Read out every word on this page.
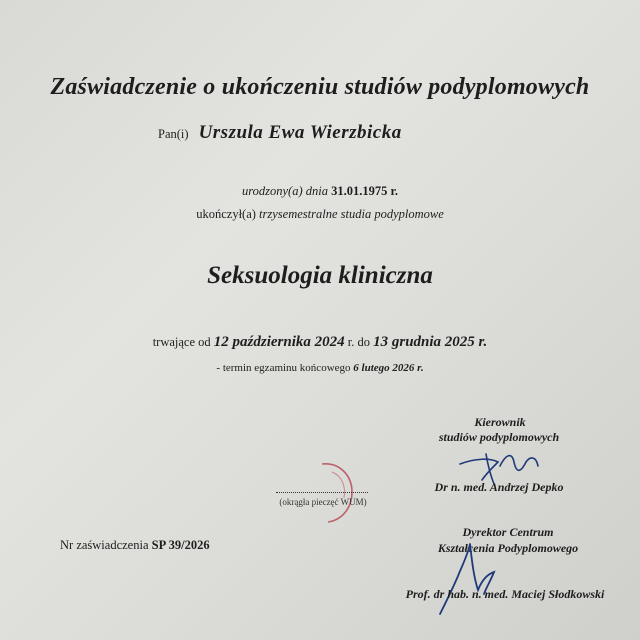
Zaświadczenie o ukończeniu studiów podyplomowych
Pan(i) Urszula Ewa Wierzbicka
urodzony(a) dnia 31.01.1975 r.
ukończył(a) trzysemestralne studia podyplomowe
Seksuologia kliniczna
trwające od 12 października 2024 r. do 13 grudnia 2025 r.
- termin egzaminu końcowego 6 lutego 2026 r.
Kierownik
studiów podyplomowych
Dr n. med. Andrzej Depko
(okrągła pieczęć WUM)
Dyrektor Centrum
Kształcenia Podyplomowego
Prof. dr hab. n. med. Maciej Słodkowski
Nr zaświadczenia SP 39/2026
